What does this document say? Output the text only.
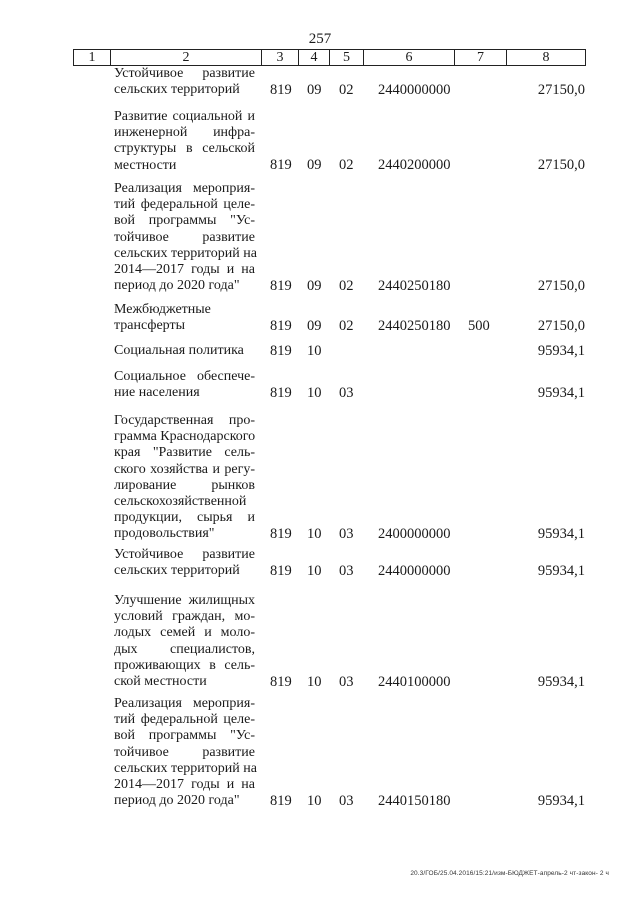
257
1	2	3	4	5	6	7	8
Устойчивое развитие
сельских территорий	819 09 02 2440000000	27150,0
Развитие социальной и
инженерной инфра-
структуры в сельской
местности	819 09 02 2440200000	27150,0
Реализация мероприя-
тий федеральной целе-
вой программы "Ус-
тойчивое развитие
сельских территорий на
2014—2017 годы и на
период до 2020 года"	819 09 02 2440250180	27150,0
Межбюджетные
трансферты	819 09 02 2440250180 500	27150,0
Социальная политика	819 10	95934,1
Социальное обеспече-
ние населения	819 10 03	95934,1
Государственная про-
грамма Краснодарского
края "Развитие сель-
ского хозяйства и регу-
лирование рынков
сельскохозяйственной
продукции, сырья и
продовольствия"	819 10 03 2400000000	95934,1
Устойчивое развитие
сельских территорий	819 10 03 2440000000	95934,1
Улучшение жилищных
условий граждан, мо-
лодых семей и моло-
дых специалистов,
проживающих в сель-
ской местности	819 10 03 2440100000	95934,1
Реализация мероприя-
тий федеральной целе-
вой программы "Ус-
тойчивое развитие
сельских территорий на
2014—2017 годы и на
период до 2020 года"	819 10 03 2440150180	95934,1
20.3/ГОБ/25.04.2016/15:21/изм-БЮДЖЕТ-апрель-2 чт-закон- 2 ч
